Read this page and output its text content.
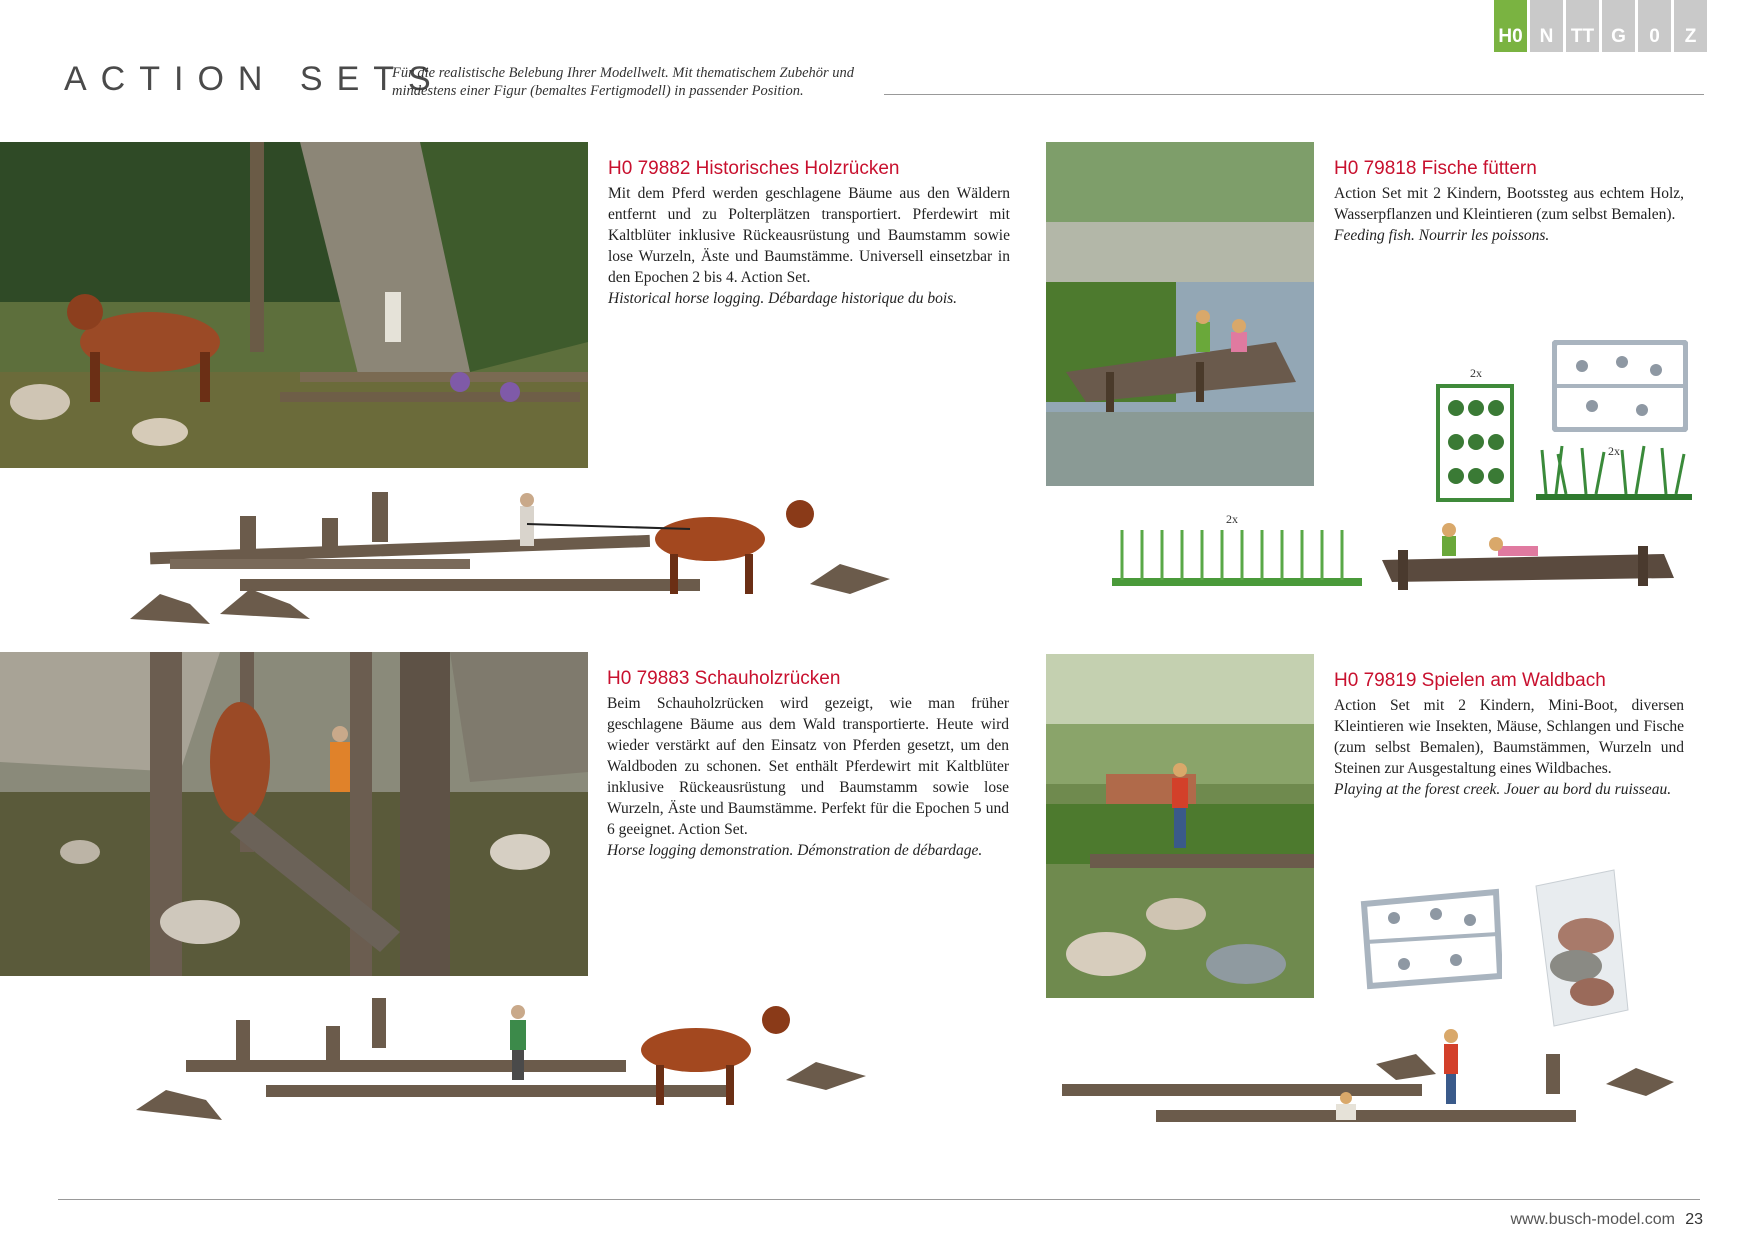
H0 N TT G	0	Z
ACTION SETS
Für die realistische Belebung Ihrer Modellwelt. Mit thematischem Zubehör und mindestens einer Figur (bemaltes Fertigmodell) in passender Position.
H0 79882 Historisches Holzrücken
Mit dem Pferd werden geschlagene Bäume aus den Wäldern entfernt und zu Polterplätzen transportiert. Pferdewirt mit Kaltblüter inklusive Rückeausrüstung und Baumstamm sowie lose Wurzeln, Äste und Baumstämme. Universell einsetzbar in den Epochen 2 bis 4. Action Set.
Historical horse logging. Débardage historique du bois.
H0 79818 Fische füttern
Action Set mit 2 Kindern, Bootssteg aus echtem Holz, Wasserpflanzen und Kleintieren (zum selbst Bemalen).
Feeding fish. Nourrir les poissons.
2x
2x
2x
H0 79883 Schauholzrücken
Beim Schauholzrücken wird gezeigt, wie man früher geschlagene Bäume aus dem Wald transportierte. Heute wird wieder verstärkt auf den Einsatz von Pferden gesetzt, um den Waldboden zu schonen. Set enthält Pferdewirt mit Kaltblüter inklusive Rückeausrüstung und Baumstamm sowie lose Wurzeln, Äste und Baumstämme. Perfekt für die Epochen 5 und 6 geeignet. Action Set.
Horse logging demonstration. Démonstration de débardage.
H0 79819 Spielen am Waldbach
Action Set mit 2 Kindern, Mini-Boot, diversen Kleintieren wie Insekten, Mäuse, Schlangen und Fische (zum selbst Bemalen), Baumstämmen, Wurzeln und Steinen zur Ausgestaltung eines Wildbaches.
Playing at the forest creek. Jouer au bord du ruisseau.
www.busch-model.com 23
